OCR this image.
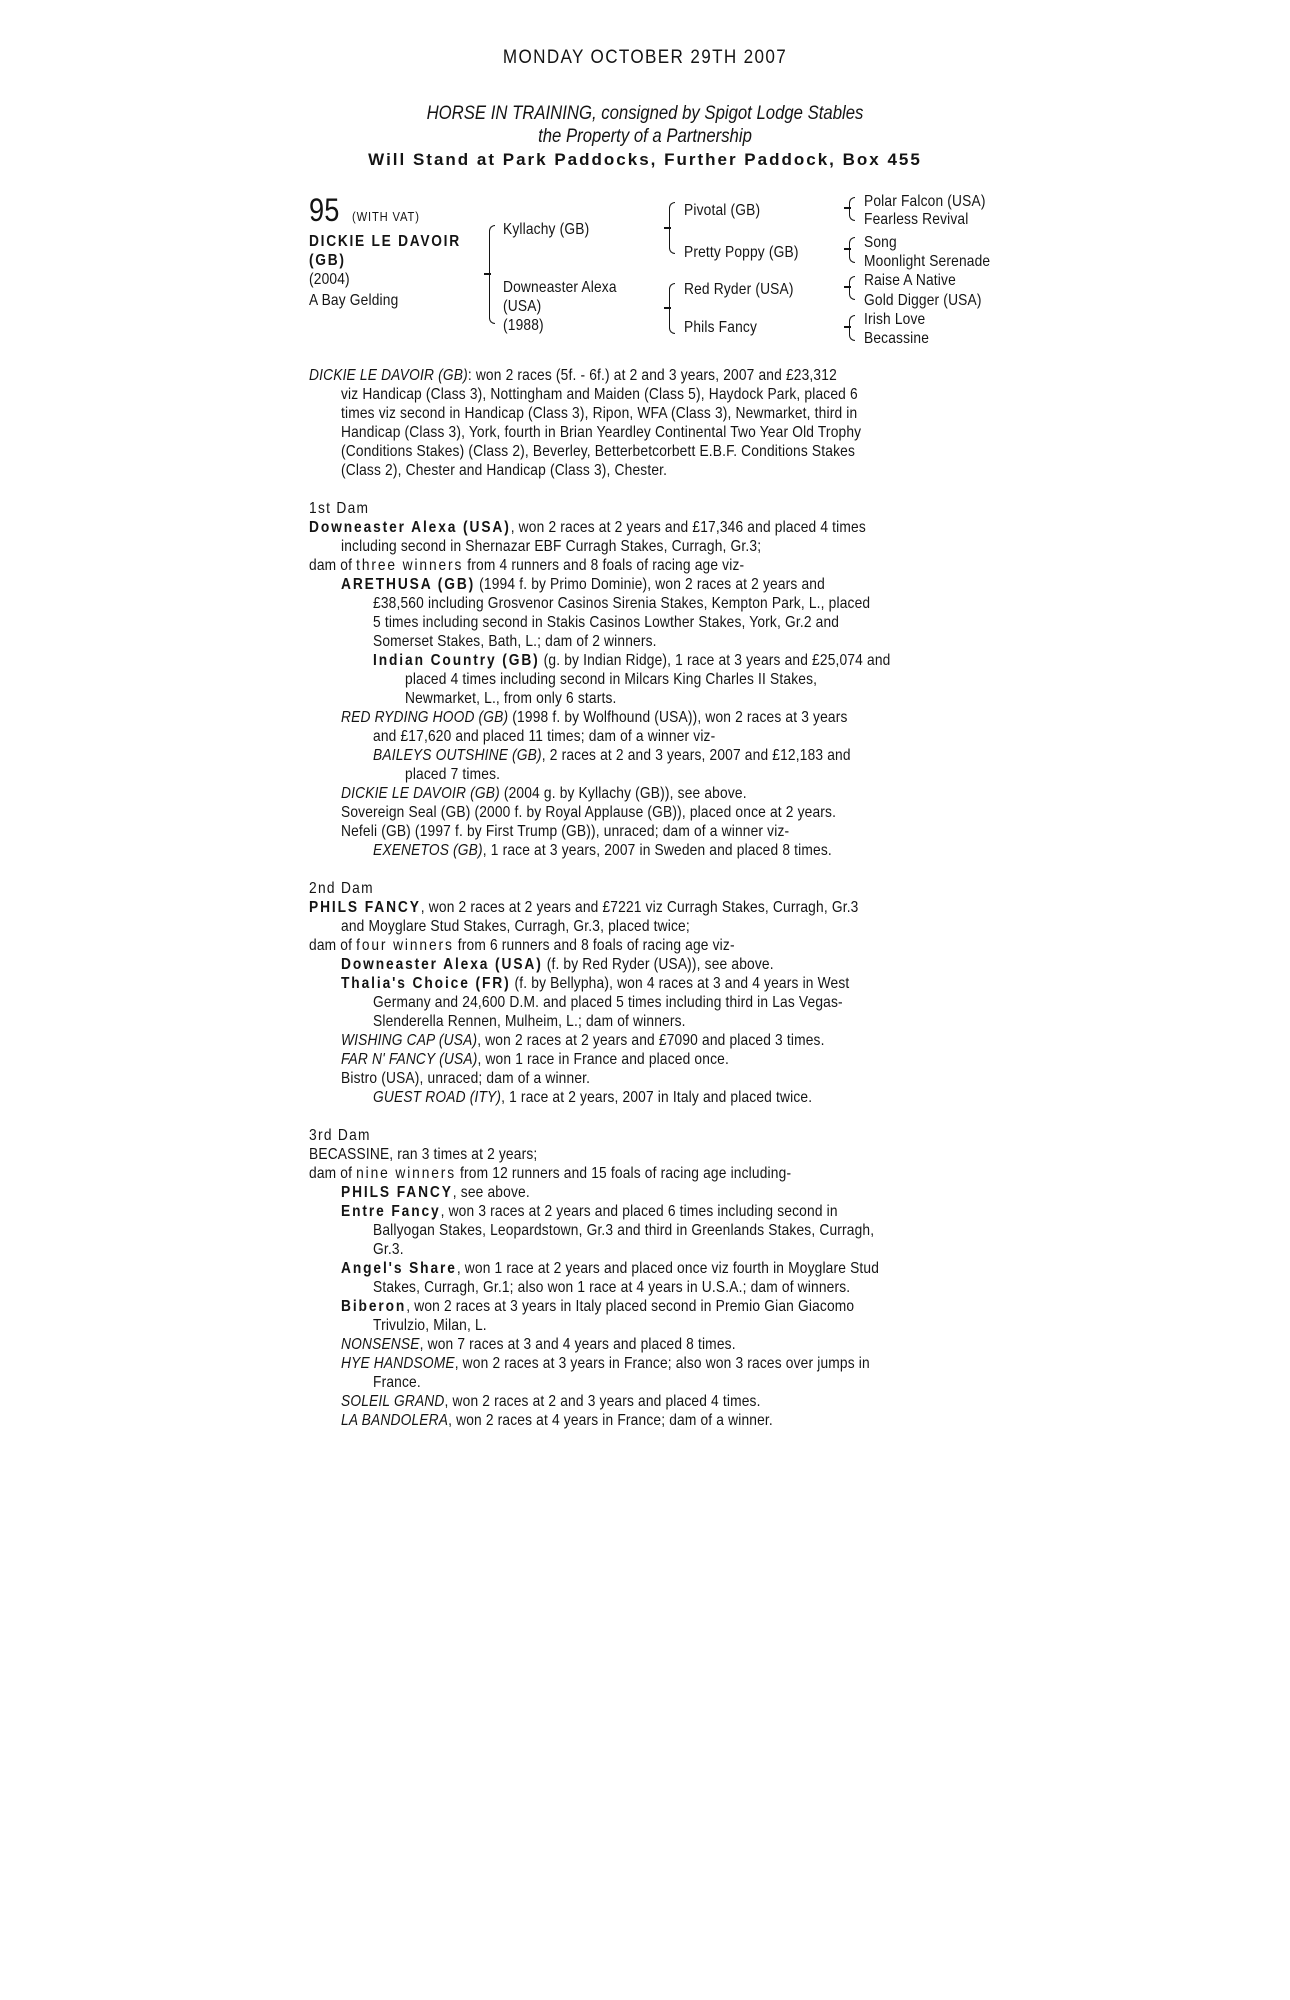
MONDAY OCTOBER 29TH 2007
HORSE IN TRAINING, consigned by Spigot Lodge Stables
the Property of a Partnership
Will Stand at Park Paddocks, Further Paddock, Box 455
95 (WITH VAT)
DICKIE LE DAVOIR
(GB)
(2004)
A Bay Gelding
Kyllachy (GB)
Downeaster Alexa
(USA)
(1988)
Pivotal (GB)
Pretty Poppy (GB)
Red Ryder (USA)
Phils Fancy
Polar Falcon (USA)
Fearless Revival
Song
Moonlight Serenade
Raise A Native
Gold Digger (USA)
Irish Love
Becassine
DICKIE LE DAVOIR (GB): won 2 races (5f. - 6f.) at 2 and 3 years, 2007 and £23,312
viz Handicap (Class 3), Nottingham and Maiden (Class 5), Haydock Park, placed 6
times viz second in Handicap (Class 3), Ripon, WFA (Class 3), Newmarket, third in
Handicap (Class 3), York, fourth in Brian Yeardley Continental Two Year Old Trophy
(Conditions Stakes) (Class 2), Beverley, Betterbetcorbett E.B.F. Conditions Stakes
(Class 2), Chester and Handicap (Class 3), Chester.
1st Dam
Downeaster Alexa (USA), won 2 races at 2 years and £17,346 and placed 4 times
including second in Shernazar EBF Curragh Stakes, Curragh, Gr.3;
dam of three winners from 4 runners and 8 foals of racing age viz-
ARETHUSA (GB) (1994 f. by Primo Dominie), won 2 races at 2 years and
£38,560 including Grosvenor Casinos Sirenia Stakes, Kempton Park, L., placed
5 times including second in Stakis Casinos Lowther Stakes, York, Gr.2 and
Somerset Stakes, Bath, L.; dam of 2 winners.
Indian Country (GB) (g. by Indian Ridge), 1 race at 3 years and £25,074 and
placed 4 times including second in Milcars King Charles II Stakes,
Newmarket, L., from only 6 starts.
RED RYDING HOOD (GB) (1998 f. by Wolfhound (USA)), won 2 races at 3 years
and £17,620 and placed 11 times; dam of a winner viz-
BAILEYS OUTSHINE (GB), 2 races at 2 and 3 years, 2007 and £12,183 and
placed 7 times.
DICKIE LE DAVOIR (GB) (2004 g. by Kyllachy (GB)), see above.
Sovereign Seal (GB) (2000 f. by Royal Applause (GB)), placed once at 2 years.
Nefeli (GB) (1997 f. by First Trump (GB)), unraced; dam of a winner viz-
EXENETOS (GB), 1 race at 3 years, 2007 in Sweden and placed 8 times.
2nd Dam
PHILS FANCY, won 2 races at 2 years and £7221 viz Curragh Stakes, Curragh, Gr.3
and Moyglare Stud Stakes, Curragh, Gr.3, placed twice;
dam of four winners from 6 runners and 8 foals of racing age viz-
Downeaster Alexa (USA) (f. by Red Ryder (USA)), see above.
Thalia's Choice (FR) (f. by Bellypha), won 4 races at 3 and 4 years in West
Germany and 24,600 D.M. and placed 5 times including third in Las Vegas-
Slenderella Rennen, Mulheim, L.; dam of winners.
WISHING CAP (USA), won 2 races at 2 years and £7090 and placed 3 times.
FAR N' FANCY (USA), won 1 race in France and placed once.
Bistro (USA), unraced; dam of a winner.
GUEST ROAD (ITY), 1 race at 2 years, 2007 in Italy and placed twice.
3rd Dam
BECASSINE, ran 3 times at 2 years;
dam of nine winners from 12 runners and 15 foals of racing age including-
PHILS FANCY, see above.
Entre Fancy, won 3 races at 2 years and placed 6 times including second in
Ballyogan Stakes, Leopardstown, Gr.3 and third in Greenlands Stakes, Curragh,
Gr.3.
Angel's Share, won 1 race at 2 years and placed once viz fourth in Moyglare Stud
Stakes, Curragh, Gr.1; also won 1 race at 4 years in U.S.A.; dam of winners.
Biberon, won 2 races at 3 years in Italy placed second in Premio Gian Giacomo
Trivulzio, Milan, L.
NONSENSE, won 7 races at 3 and 4 years and placed 8 times.
HYE HANDSOME, won 2 races at 3 years in France; also won 3 races over jumps in
France.
SOLEIL GRAND, won 2 races at 2 and 3 years and placed 4 times.
LA BANDOLERA, won 2 races at 4 years in France; dam of a winner.
